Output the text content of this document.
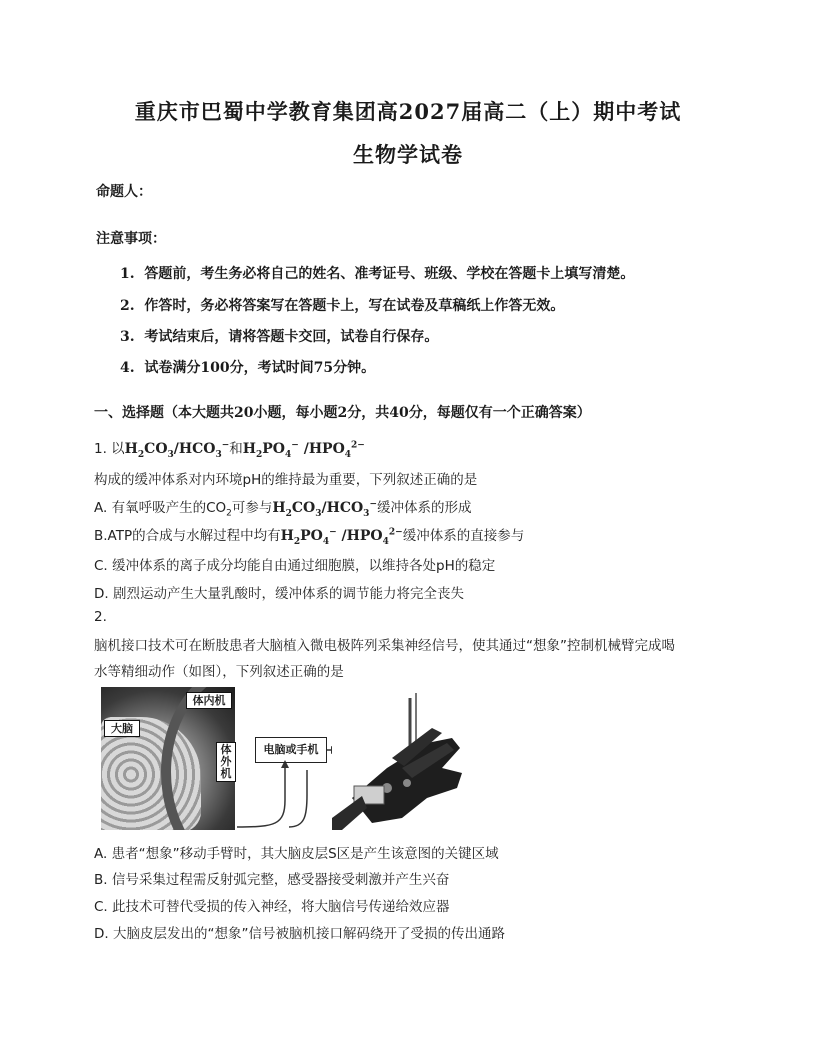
重庆市巴蜀中学教育集团高2027届高二（上）期中考试
生物学试卷
命题人：
注意事项：
1.  答题前，考生务必将自己的姓名、准考证号、班级、学校在答题卡上填写清楚。
2.  作答时，务必将答案写在答题卡上，写在试卷及草稿纸上作答无效。
3.  考试结束后，请将答题卡交回，试卷自行保存。
4.  试卷满分100分，考试时间75分钟。
一、选择题（本大题共20小题，每小题2分，共40分，每题仅有一个正确答案）
1. 以$H_2CO_3/HCO_3^-$和$H_2PO_4^-$ $/HPO_4^{2-}$
构成的缓冲体系对内环境pH的维持最为重要，下列叙述正确的是
A. 有氧呼吸产生的$CO_2$可参与$H_2CO_3/HCO_3^-$缓冲体系的形成
B.ATP的合成与水解过程中均有$H_2PO_4^-$ $/HPO_4^{2-}$缓冲体系的直接参与
C. 缓冲体系的离子成分均能自由通过细胞膜，以维持各处pH的稳定
D. 剧烈运动产生大量乳酸时，缓冲体系的调节能力将完全丧失
2.
脑机接口技术可在断肢患者大脑植入微电极阵列采集神经信号，使其通过“想象”控制机械臂完成喝
水等精细动作（如图），下列叙述正确的是
体内机
大脑
体外机
电脑或手机
A. 患者“想象”移动手臂时，其大脑皮层S区是产生该意图的关键区域
B. 信号采集过程需反射弧完整，感受器接受刺激并产生兴奋
C. 此技术可替代受损的传入神经，将大脑信号传递给效应器
D. 大脑皮层发出的“想象”信号被脑机接口解码绕开了受损的传出通路
